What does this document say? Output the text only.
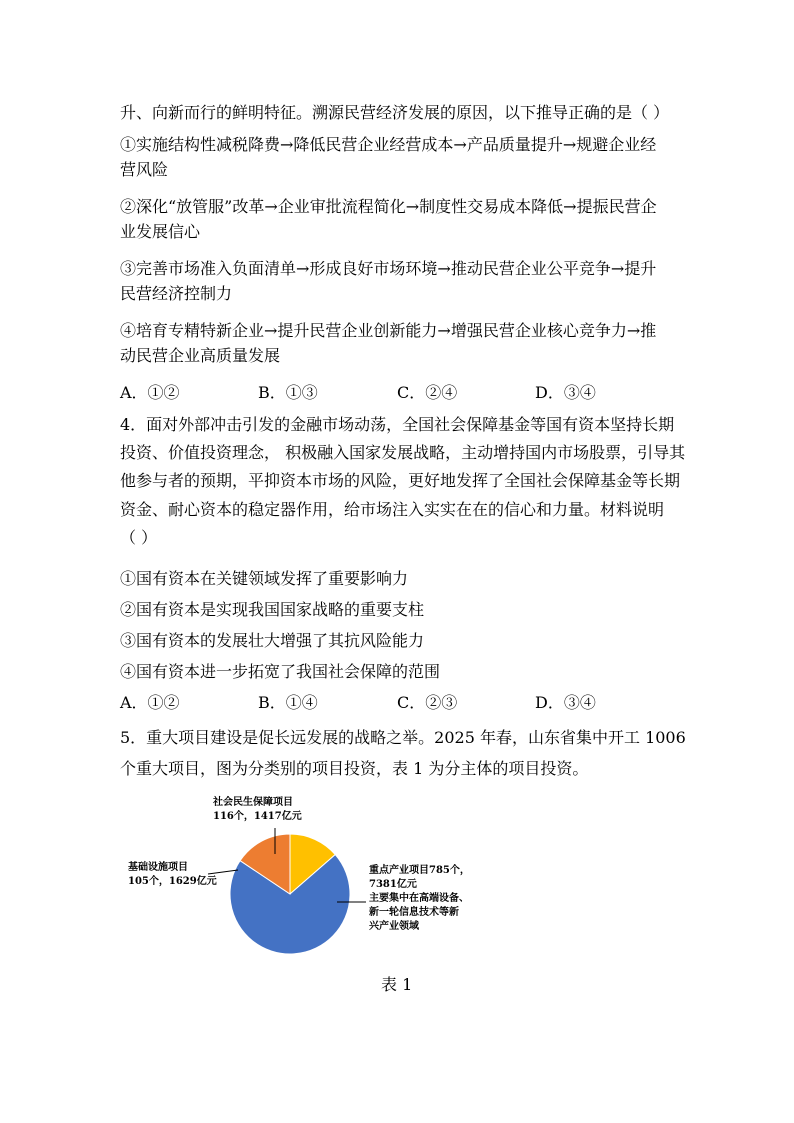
升、向新而行的鲜明特征。溯源民营经济发展的原因，以下推导正确的是（ ）
①实施结构性减税降费→降低民营企业经营成本→产品质量提升→规避企业经
营风险
②深化“放管服”改革→企业审批流程简化→制度性交易成本降低→提振民营企
业发展信心
③完善市场准入负面清单→形成良好市场环境→推动民营企业公平竞争→提升
民营经济控制力
④培育专精特新企业→提升民营企业创新能力→增强民营企业核心竞争力→推
动民营企业高质量发展
A．①②	B．①③	C．②④	D．③④
4．面对外部冲击引发的金融市场动荡，全国社会保障基金等国有资本坚持长期
投资、价值投资理念， 积极融入国家发展战略，主动增持国内市场股票，引导其
他参与者的预期，平抑资本市场的风险，更好地发挥了全国社会保障基金等长期
资金、耐心资本的稳定器作用，给市场注入实实在在的信心和力量。材料说明
（ ）
①国有资本在关键领域发挥了重要影响力
②国有资本是实现我国国家战略的重要支柱
③国有资本的发展壮大增强了其抗风险能力
④国有资本进一步拓宽了我国社会保障的范围
A．①②	B．①④	C．②③	D．③④
5．重大项目建设是促长远发展的战略之举。2025 年春，山东省集中开工 1006
个重大项目，图为分类别的项目投资，表 1 为分主体的项目投资。
社会民生保障项目
116个，1417亿元
基础设施项目
105个，1629亿元
重点产业项目785个，
7381亿元
主要集中在高端设备、
新一轮信息技术等新
兴产业领域
表 1
